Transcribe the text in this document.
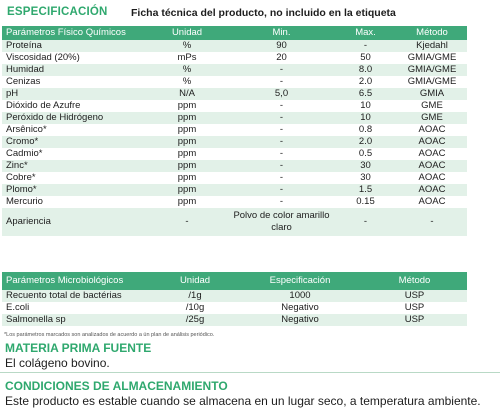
ESPECIFICACIÓN Ficha técnica del producto, no incluido en la etiqueta
Parámetros Físico Químicos	Unidad	Min.	Max.	Método
Proteína	%	90	-	Kjedahl
Viscosidad (20%)	mPs	20	50	GMIA/GME
Humidad	%	-	8.0	GMIA/GME
Cenizas	%	-	2.0	GMIA/GME
pH	N/A	5,0	6.5	GMIA
Dióxido de Azufre	ppm	-	10	GME
Peróxido de Hidrógeno	ppm	-	10	GME
Arsênico*	ppm	-	0.8	AOAC
Cromo*	ppm	-	2.0	AOAC
Cadmio*	ppm	-	0.5	AOAC
Zinc*	ppm	-	30	AOAC
Cobre*	ppm	-	30	AOAC
Plomo*	ppm	-	1.5	AOAC
Mercurio	ppm	-	0.15	AOAC
Apariencia	-	Polvo de color amarillo claro	-	-
Parámetros Microbiológicos	Unidad	Especificación	Método
Recuento total de bactérias	/1g	1000	USP
E.coli	/10g	Negativo	USP
Salmonella sp	/25g	Negativo	USP
*Los parámetros marcados son analizados de acuerdo a ún plan de análisis periódico.
MATERIA PRIMA FUENTE
El colágeno bovino.
CONDICIONES DE ALMACENAMIENTO
Este producto es estable cuando se almacena en un lugar seco, a temperatura ambiente.
